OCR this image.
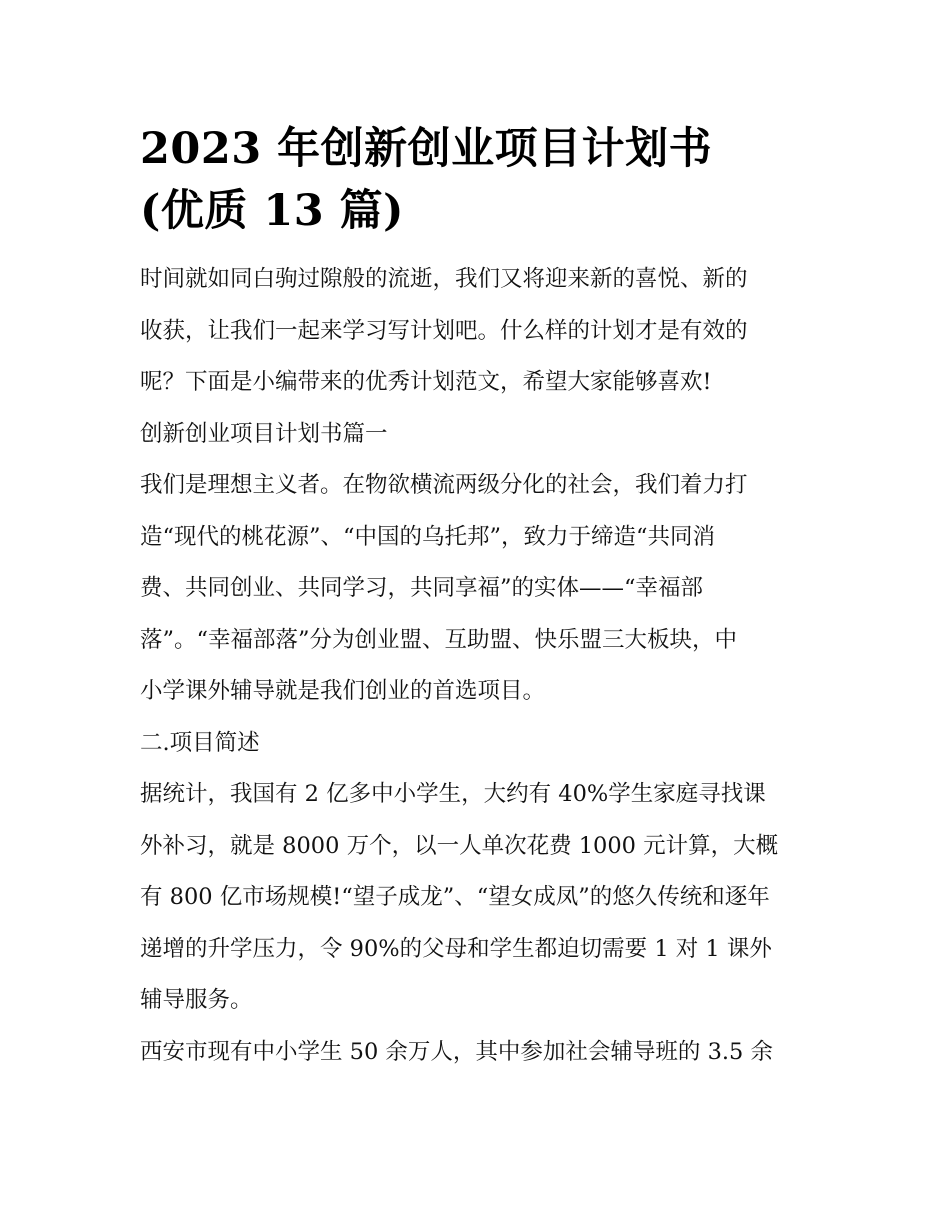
2023 年创新创业项目计划书
(优质 13 篇)
时间就如同白驹过隙般的流逝，我们又将迎来新的喜悦、新的
收获，让我们一起来学习写计划吧。什么样的计划才是有效的
呢？下面是小编带来的优秀计划范文，希望大家能够喜欢!
创新创业项目计划书篇一
我们是理想主义者。在物欲横流两级分化的社会，我们着力打
造“现代的桃花源”、“中国的乌托邦”，致力于缔造“共同消
费、共同创业、共同学习，共同享福”的实体——“幸福部
落”。“幸福部落”分为创业盟、互助盟、快乐盟三大板块，中
小学课外辅导就是我们创业的首选项目。
二.项目简述
据统计，我国有 2 亿多中小学生，大约有 40%学生家庭寻找课
外补习，就是 8000 万个，以一人单次花费 1000 元计算，大概
有 800 亿市场规模!“望子成龙”、“望女成凤”的悠久传统和逐年
递增的升学压力，令 90%的父母和学生都迫切需要 1 对 1 课外
辅导服务。
西安市现有中小学生 50 余万人，其中参加社会辅导班的 3.5 余
